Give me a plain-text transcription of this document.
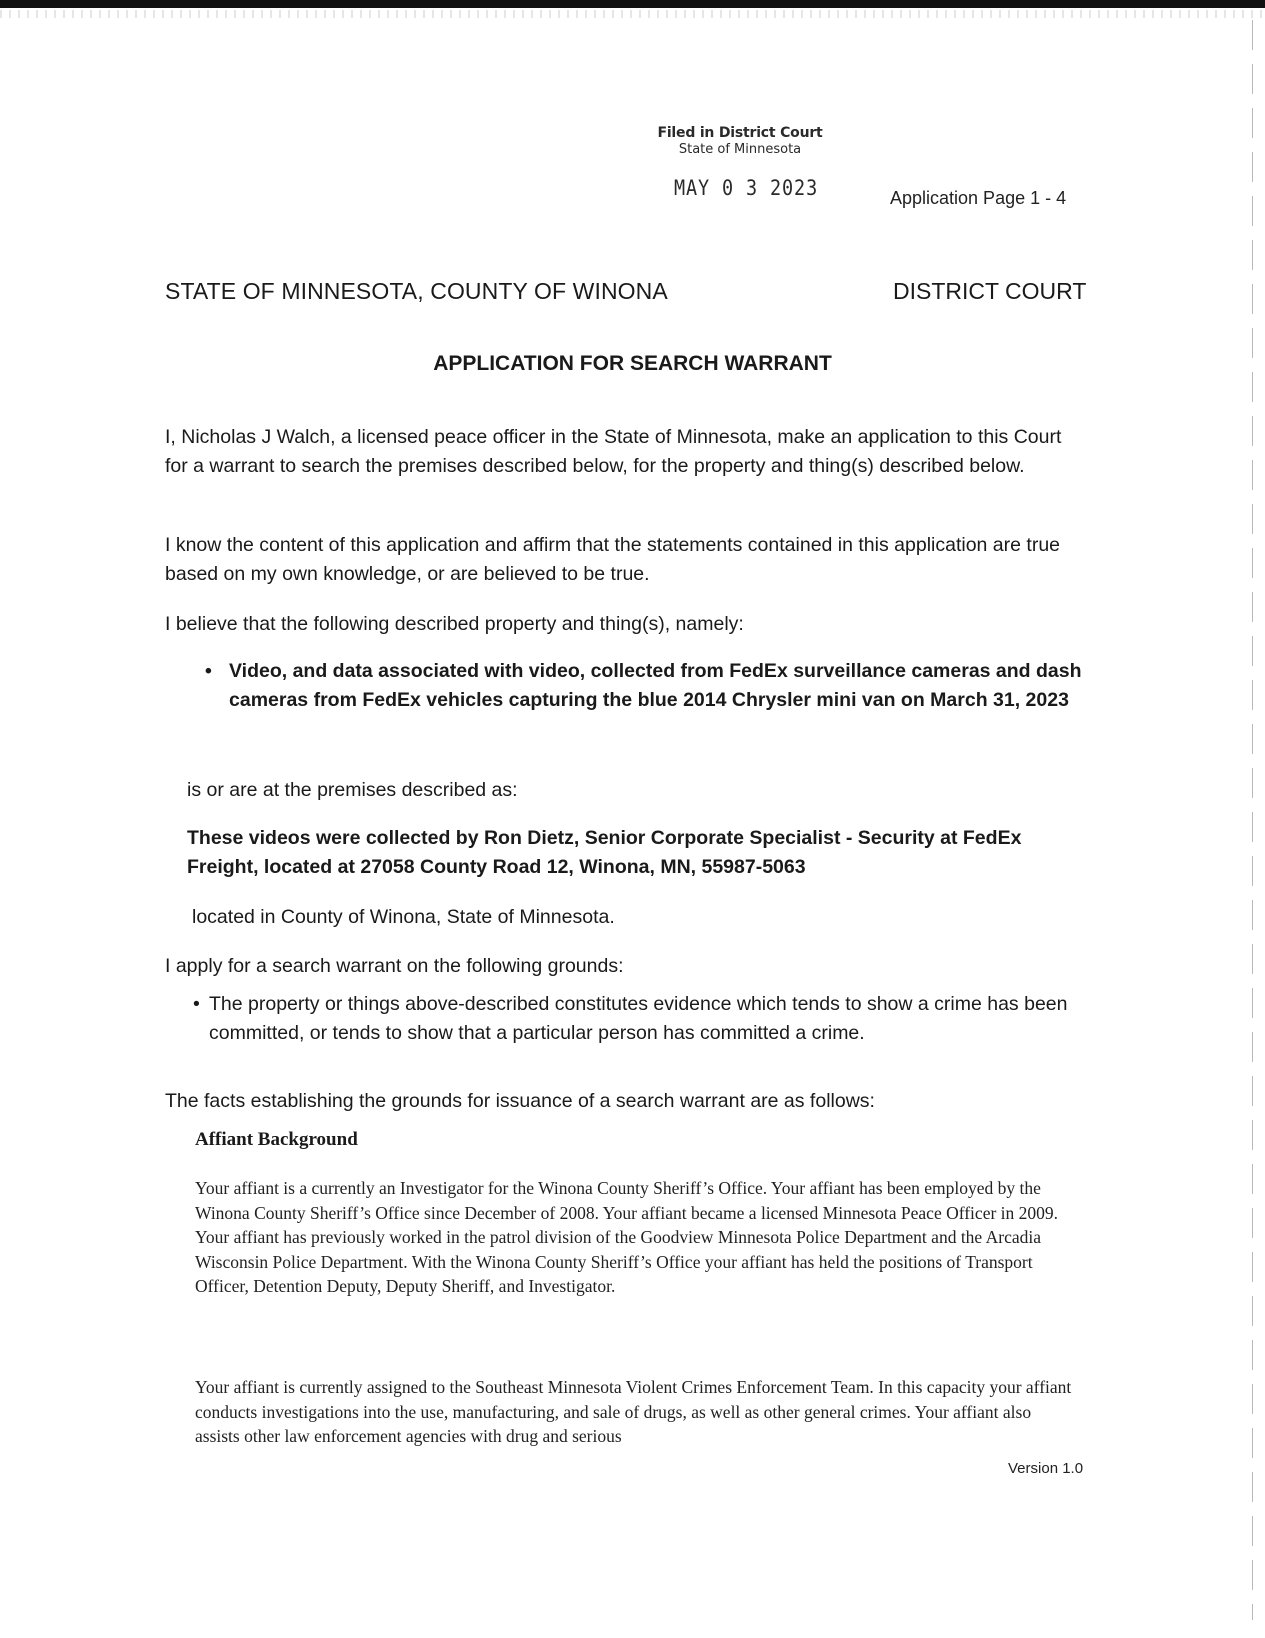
Filed in District Court
State of Minnesota
MAY 0 3 2023	Application Page 1 - 4
STATE OF MINNESOTA, COUNTY OF WINONA	DISTRICT COURT
APPLICATION FOR SEARCH WARRANT
I, Nicholas J Walch, a licensed peace officer in the State of Minnesota, make an application to this Court for a warrant to search the premises described below, for the property and thing(s) described below.
I know the content of this application and affirm that the statements contained in this application are true based on my own knowledge, or are believed to be true.
I believe that the following described property and thing(s), namely:
• Video, and data associated with video, collected from FedEx surveillance cameras and dash cameras from FedEx vehicles capturing the blue 2014 Chrysler mini van on March 31, 2023
is or are at the premises described as:
These videos were collected by Ron Dietz, Senior Corporate Specialist - Security at FedEx Freight, located at 27058 County Road 12, Winona, MN, 55987-5063
located in County of Winona, State of Minnesota.
I apply for a search warrant on the following grounds:
• The property or things above-described constitutes evidence which tends to show a crime has been committed, or tends to show that a particular person has committed a crime.
The facts establishing the grounds for issuance of a search warrant are as follows:
Affiant Background
Your affiant is a currently an Investigator for the Winona County Sheriff’s Office. Your affiant has been employed by the Winona County Sheriff’s Office since December of 2008. Your affiant became a licensed Minnesota Peace Officer in 2009. Your affiant has previously worked in the patrol division of the Goodview Minnesota Police Department and the Arcadia Wisconsin Police Department. With the Winona County Sheriff’s Office your affiant has held the positions of Transport Officer, Detention Deputy, Deputy Sheriff, and Investigator.
Your affiant is currently assigned to the Southeast Minnesota Violent Crimes Enforcement Team. In this capacity your affiant conducts investigations into the use, manufacturing, and sale of drugs, as well as other general crimes. Your affiant also assists other law enforcement agencies with drug and serious
Version 1.0
